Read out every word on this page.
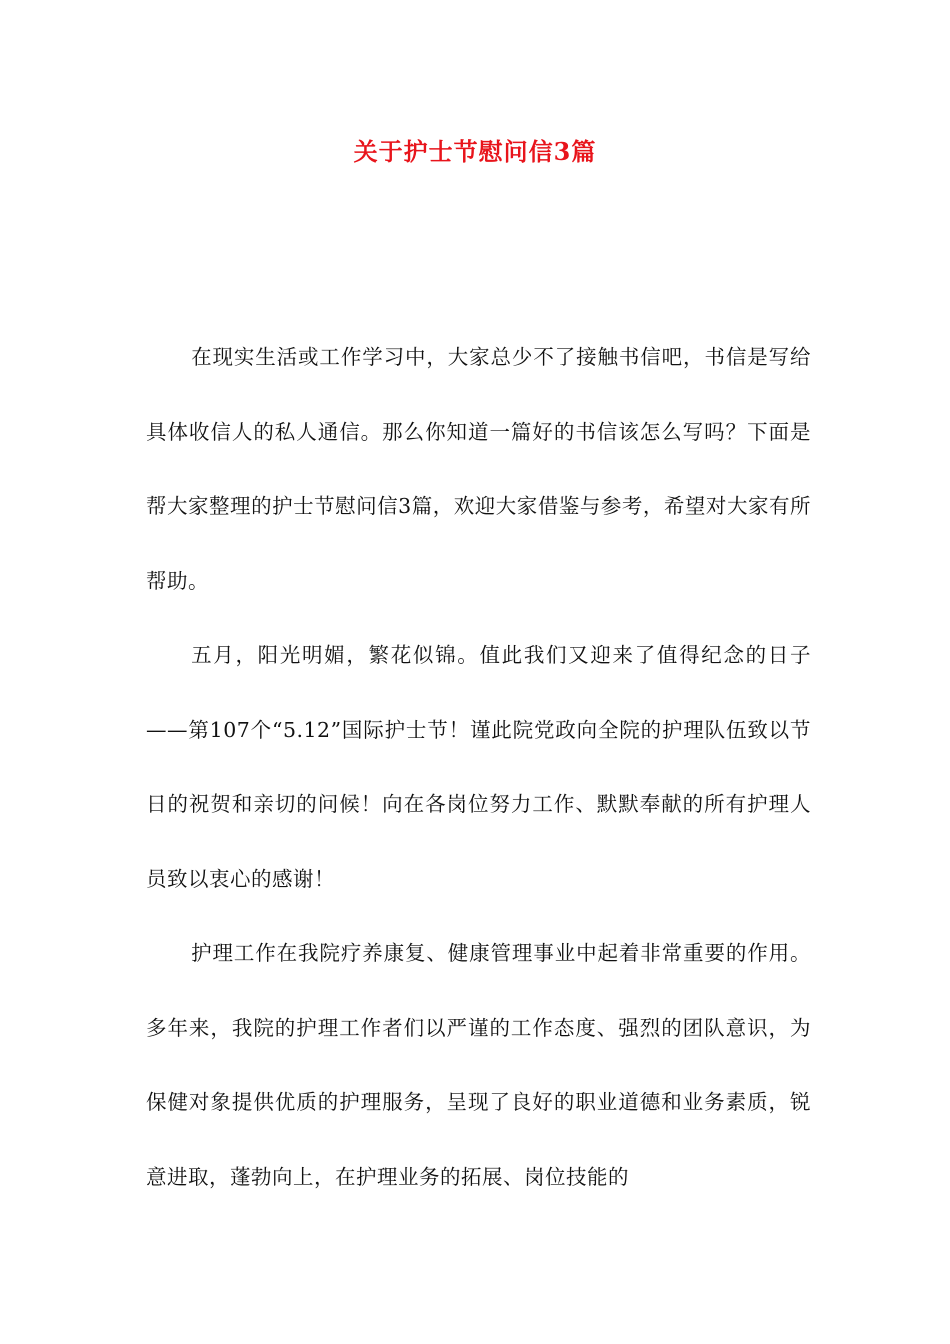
关于护士节慰问信3篇

在现实生活或工作学习中，大家总少不了接触书信吧，书信是写给具体收信人的私人通信。那么你知道一篇好的书信该怎么写吗？下面是帮大家整理的护士节慰问信3篇，欢迎大家借鉴与参考，希望对大家有所帮助。

五月，阳光明媚，繁花似锦。值此我们又迎来了值得纪念的日子——第107个“5.12”国际护士节！谨此院党政向全院的护理队伍致以节日的祝贺和亲切的问候！向在各岗位努力工作、默默奉献的所有护理人员致以衷心的感谢！

护理工作在我院疗养康复、健康管理事业中起着非常重要的作用。多年来，我院的护理工作者们以严谨的工作态度、强烈的团队意识，为保健对象提供优质的护理服务，呈现了良好的职业道德和业务素质，锐意进取，蓬勃向上，在护理业务的拓展、岗位技能的
